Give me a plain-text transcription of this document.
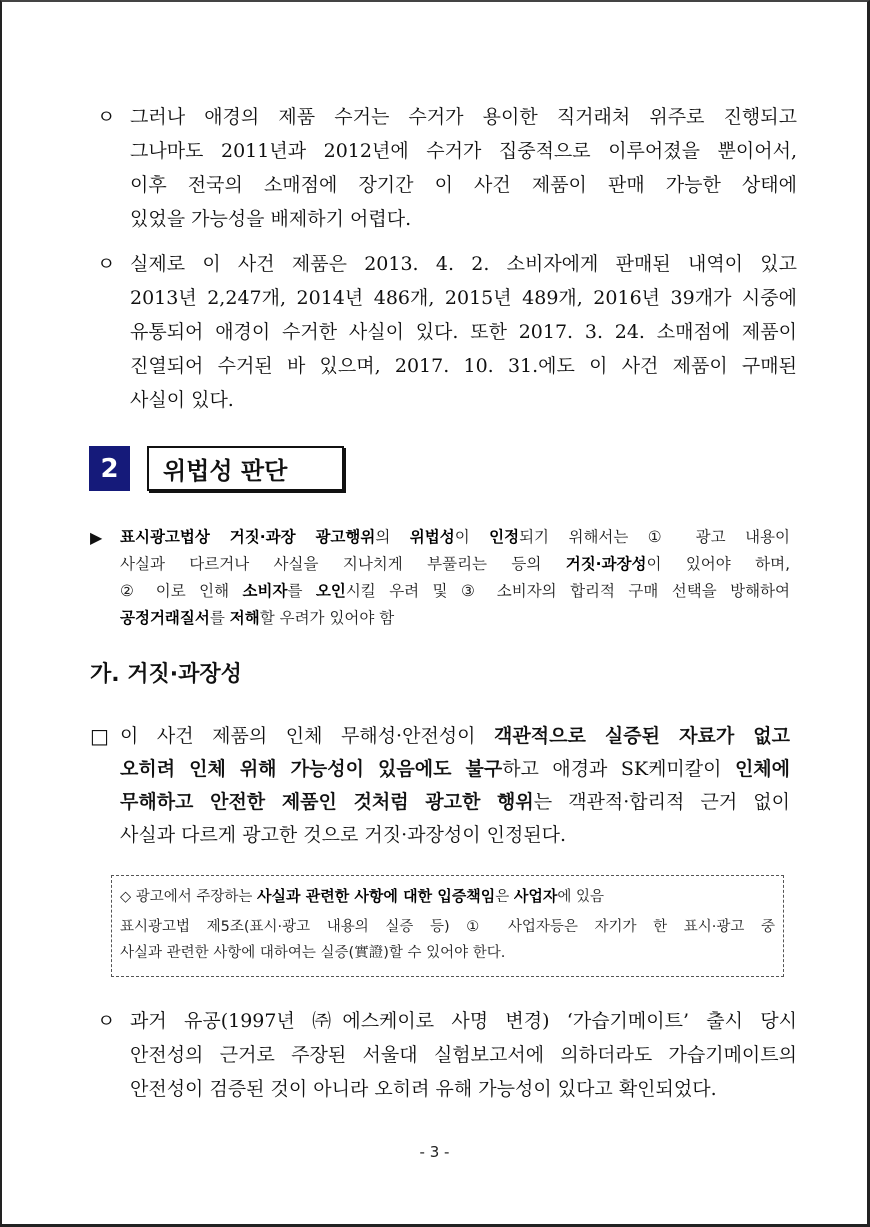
ㅇ 그러나 애경의 제품 수거는 수거가 용이한 직거래처 위주로 진행되고
그나마도 2011년과 2012년에 수거가 집중적으로 이루어졌을 뿐이어서,
이후 전국의 소매점에 장기간 이 사건 제품이 판매 가능한 상태에
있었을 가능성을 배제하기 어렵다.
ㅇ 실제로 이 사건 제품은 2013. 4. 2. 소비자에게 판매된 내역이 있고
2013년 2,247개, 2014년 486개, 2015년 489개, 2016년 39개가 시중에
유통되어 애경이 수거한 사실이 있다. 또한 2017. 3. 24. 소매점에 제품이
진열되어 수거된 바 있으며, 2017. 10. 31.에도 이 사건 제품이 구매된
사실이 있다.
2	위법성 판단
▶ 표시광고법상 거짓·과장 광고행위의 위법성이 인정되기 위해서는 ① 광고 내용이
사실과 다르거나 사실을 지나치게 부풀리는 등의 거짓·과장성이 있어야 하며,
② 이로 인해 소비자를 오인시킬 우려 및 ③ 소비자의 합리적 구매 선택을 방해하여
공정거래질서를 저해할 우려가 있어야 함
가. 거짓·과장성
□ 이 사건 제품의 인체 무해성·안전성이 객관적으로 실증된 자료가 없고
오히려 인체 위해 가능성이 있음에도 불구하고 애경과 SK케미칼이 인체에
무해하고 안전한 제품인 것처럼 광고한 행위는 객관적·합리적 근거 없이
사실과 다르게 광고한 것으로 거짓·과장성이 인정된다.
◇ 광고에서 주장하는 사실과 관련한 사항에 대한 입증책임은 사업자에 있음
표시광고법 제5조(표시·광고 내용의 실증 등) ① 사업자등은 자기가 한 표시·광고 중
사실과 관련한 사항에 대하여는 실증(實證)할 수 있어야 한다.
ㅇ 과거 유공(1997년 ㈜에스케이로 사명 변경) ‘가습기메이트’ 출시 당시
안전성의 근거로 주장된 서울대 실험보고서에 의하더라도 가습기메이트의
안전성이 검증된 것이 아니라 오히려 유해 가능성이 있다고 확인되었다.
- 3 -
